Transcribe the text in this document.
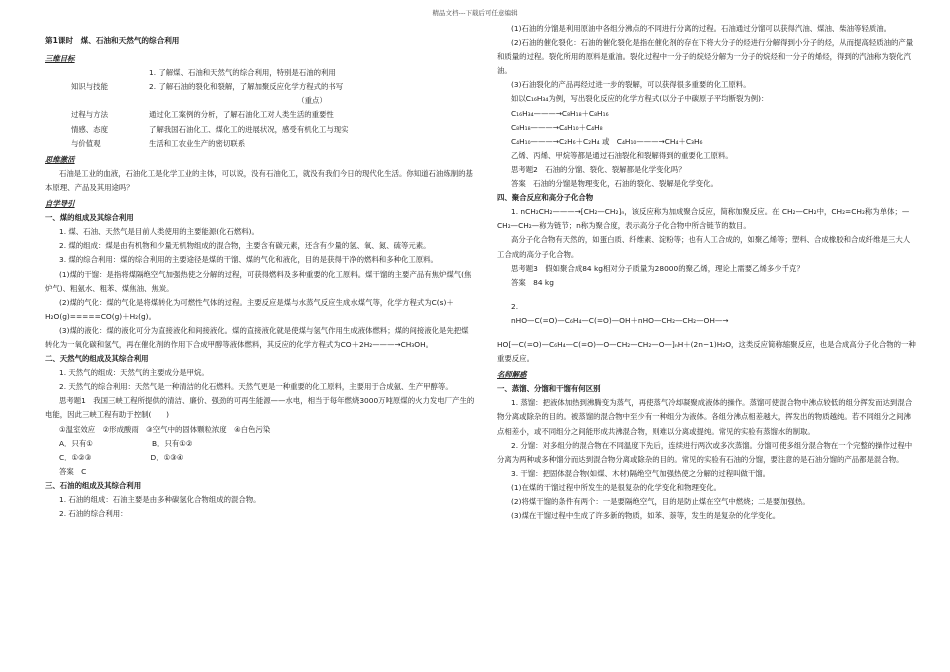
精品文档---下载后可任意编辑
第1课时　煤、石油和天然气的综合利用
三维目标
1. 了解煤、石油和天然气的综合利用，特别是石油的利用
知识与技能	2. 了解石油的裂化和裂解，了解加聚反应化学方程式的书写
（重点）
过程与方法	通过化工案例的分析，了解石油化工对人类生活的重要性
情感、态度	了解我国石油化工、煤化工的进展状况，感受有机化工与现实
与价值观	生活和工农业生产的密切联系
思维激活
石油是工业的血液，石油化工是化学工业的主体，可以说，没有石油化工，就没有我们今日的现代化生活。你知道石油炼制的基本原理、产品及其用途吗？
自学导引
一、煤的组成及其综合利用
1. 煤、石油、天然气是目前人类使用的主要能源(化石燃料)。
2. 煤的组成：煤是由有机物和少量无机物组成的混合物，主要含有碳元素，还含有少量的氢、氧、氮、硫等元素。
3. 煤的综合利用：煤的综合利用的主要途径是煤的干馏、煤的气化和液化，目的是获得干净的燃料和多种化工原料。
(1)煤的干馏：是指将煤隔绝空气加强热使之分解的过程，可获得燃料及多种重要的化工原料。煤干馏的主要产品有焦炉煤气(焦炉气)、粗氨水、粗苯、煤焦油、焦炭。
(2)煤的气化：煤的气化是将煤转化为可燃性气体的过程。主要反应是煤与水蒸气反应生成水煤气等，化学方程式为C(s)＋H₂O(g)=====CO(g)＋H₂(g)。
(3)煤的液化：煤的液化可分为直接液化和间接液化。煤的直接液化就是使煤与氢气作用生成液体燃料；煤的间接液化是先把煤转化为一氧化碳和氢气，再在催化剂的作用下合成甲醇等液体燃料，其反应的化学方程式为CO＋2H₂———→CH₃OH。
二、天然气的组成及其综合利用
1. 天然气的组成：天然气的主要成分是甲烷。
2. 天然气的综合利用：天然气是一种清洁的化石燃料。天然气更是一种重要的化工原料，主要用于合成氨、生产甲醇等。
思考题1　我国三峡工程所提供的清洁、廉价、强劲的可再生能源——水电，相当于每年燃烧3000万吨原煤的火力发电厂产生的电能，因此三峡工程有助于控制(　　)
①温室效应　②形成酸雨　③空气中的固体颗粒浓度　④白色污染
A．只有①　　　　　　　　B．只有①②
C．①②③　　　　　　　　D．①③④
答案　C
三、石油的组成及其综合利用
1. 石油的组成：石油主要是由多种碳氢化合物组成的混合物。
2. 石油的综合利用：
(1)石油的分馏是利用原油中各组分沸点的不同进行分离的过程。石油通过分馏可以获得汽油、煤油、柴油等轻质油。
(2)石油的催化裂化：石油的催化裂化是指在催化剂的存在下将大分子的烃进行分解得到小分子的烃，从而提高轻质油的产量和质量的过程。裂化所用的原料是重油。裂化过程中一分子的烷烃分解为一分子的烷烃和一分子的烯烃，得到的汽油称为裂化汽油。
(3)石油裂化的产品再经过进一步的裂解，可以获得很多重要的化工原料。
如以C₁₆H₃₄为例，写出裂化反应的化学方程式(以分子中碳原子平均断裂为例)：
C₁₆H₃₄———→C₈H₁₈＋C₈H₁₆
C₈H₁₈———→C₄H₁₀＋C₄H₈
C₄H₁₀———→C₂H₆＋C₂H₄ 或　C₄H₁₀———→CH₄＋C₃H₆
乙烯、丙烯、甲烷等都是通过石油裂化和裂解得到的重要化工原料。
思考题2　石油的分馏、裂化、裂解都是化学变化吗？
答案　石油的分馏是物理变化，石油的裂化、裂解是化学变化。
四、聚合反应和高分子化合物
1. nCH₂CH₂———→[CH₂—CH₂]ₙ，该反应称为加成聚合反应，简称加聚反应。在 CH₂—CH₂中，CH₂=CH₂称为单体；—CH₂—CH₂—称为链节；n称为聚合度，表示高分子化合物中所含链节的数目。
高分子化合物有天然的，如蛋白质、纤维素、淀粉等；也有人工合成的，如聚乙烯等；塑料、合成橡胶和合成纤维是三大人工合成的高分子化合物。
思考题3　假如聚合成84 kg相对分子质量为28000的聚乙烯，理论上需要乙烯多少千克？
答案　84 kg
2.
nHO—C(=O)—C₆H₄—C(=O)—OH＋nHO—CH₂—CH₂—OH—→
HO[—C(=O)—C₆H₄—C(=O)—O—CH₂—CH₂—O—]ₙH＋(2n−1)H₂O，这类反应简称缩聚反应，也是合成高分子化合物的一种重要反应。
名师解惑
一、蒸馏、分馏和干馏有何区别
1. 蒸馏：把液体加热到沸腾变为蒸气，再使蒸气冷却凝聚成液体的操作。蒸馏可使混合物中沸点较低的组分挥发而达到混合物分离或除杂的目的。被蒸馏的混合物中至少有一种组分为液体。各组分沸点相差越大，挥发出的物质越纯。若不同组分之间沸点相差小，或不同组分之间能形成共沸混合物，则难以分离或提纯。常见的实验有蒸馏水的制取。
2. 分馏：对多组分的混合物在不同温度下先后，连续进行两次或多次蒸馏。分馏可使多组分混合物在一个完整的操作过程中分离为两种或多种馏分而达到混合物分离或除杂的目的。常见的实验有石油的分馏，要注意的是石油分馏的产品都是混合物。
3. 干馏：把固体混合物(如煤、木材)隔绝空气加强热使之分解的过程叫做干馏。
(1)在煤的干馏过程中所发生的是很复杂的化学变化和物理变化。
(2)将煤干馏的条件有两个：一是要隔绝空气，目的是防止煤在空气中燃烧；二是要加强热。
(3)煤在干馏过程中生成了许多新的物质，如苯、萘等，发生的是复杂的化学变化。
